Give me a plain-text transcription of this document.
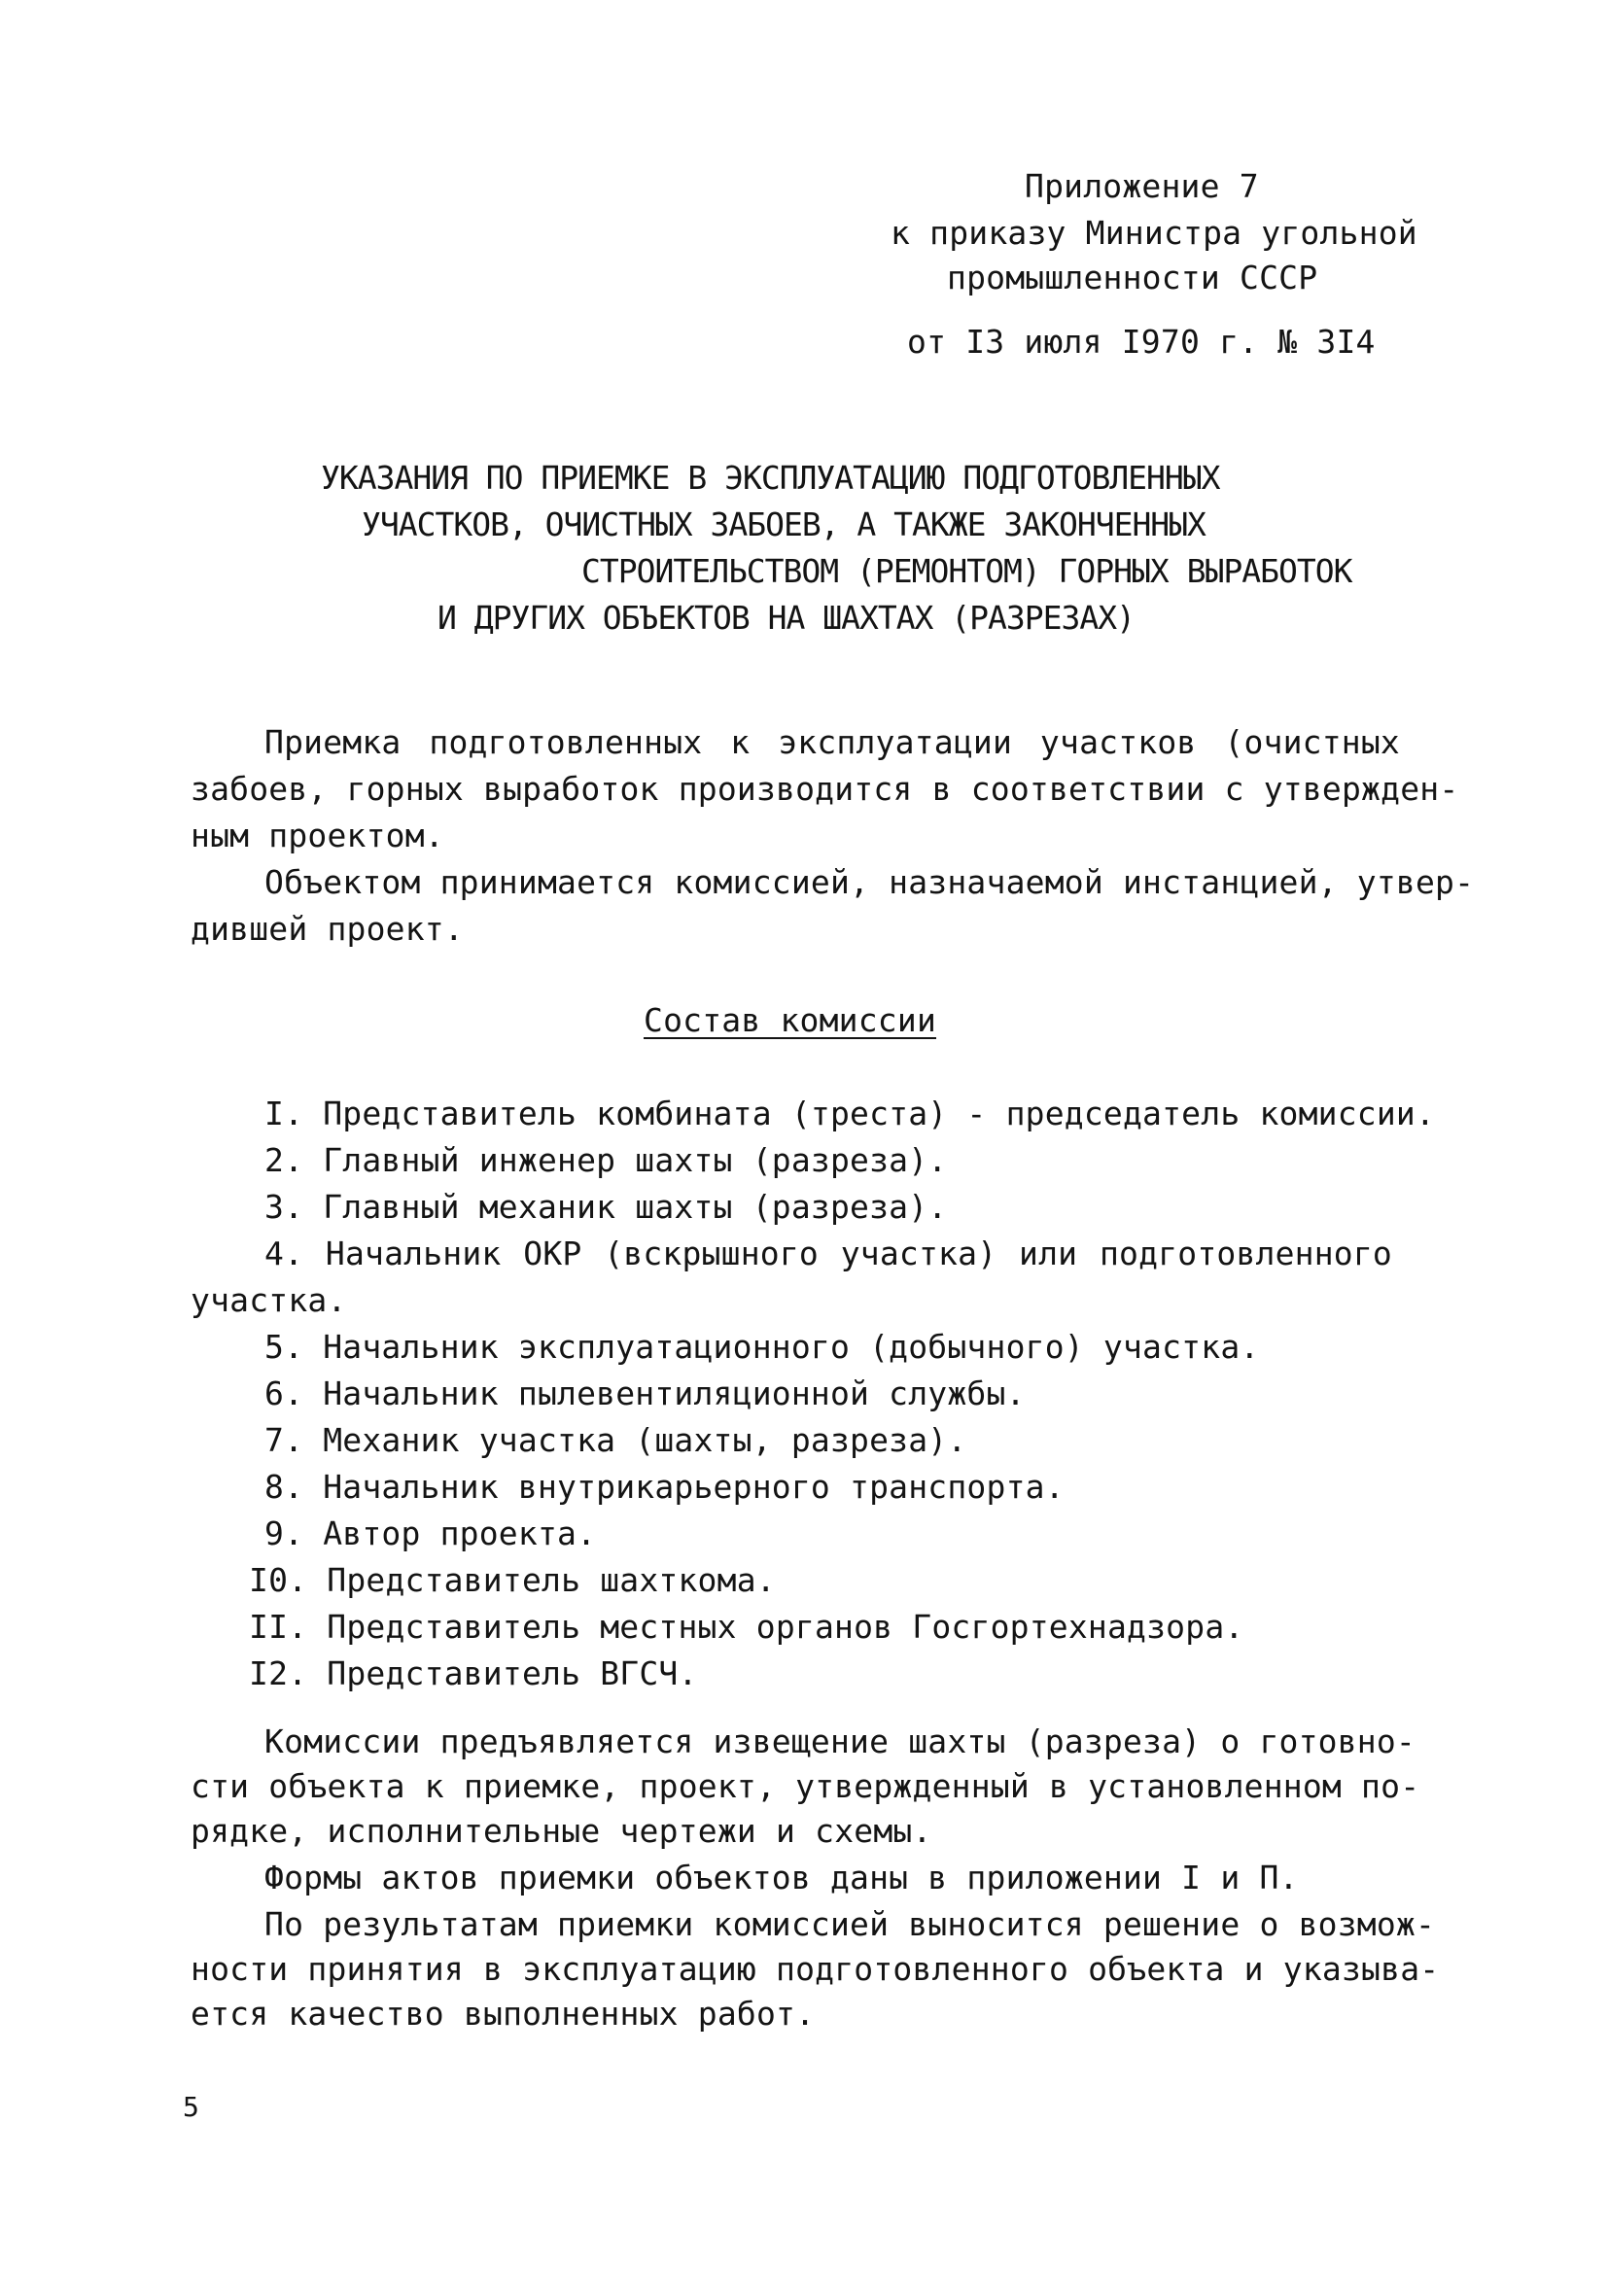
Приложение 7
к приказу Министра угольной
промышленности СССР
от I3 июля I970 г. № 3I4
УКАЗАНИЯ ПО ПРИЕМКЕ В ЭКСПЛУАТАЦИЮ ПОДГОТОВЛЕННЫХ
УЧАСТКОВ, ОЧИСТНЫХ ЗАБОЕВ, А ТАКЖЕ ЗАКОНЧЕННЫХ
СТРОИТЕЛЬСТВОМ (РЕМОНТОМ) ГОРНЫХ ВЫРАБОТОК
И ДРУГИХ ОБЪЕКТОВ НА ШАХТАХ (РАЗРЕЗАХ)
Приемка подготовленных к эксплуатации участков (очистных
забоев, горных выработок производится в соответствии с утвержден-
ным проектом.
Объектом принимается комиссией, назначаемой инстанцией, утвер-
дившей проект.
Состав комиссии
I. Представитель комбината (треста) - председатель комиссии.
2. Главный инженер шахты (разреза).
3. Главный механик шахты (разреза).
4. Начальник ОКР (вскрышного участка) или подготовленного
участка.
5. Начальник эксплуатационного (добычного) участка.
6. Начальник пылевентиляционной службы.
7. Механик участка (шахты, разреза).
8. Начальник внутрикарьерного транспорта.
9. Автор проекта.
I0. Представитель шахткома.
II. Представитель местных органов Госгортехнадзора.
I2. Представитель ВГСЧ.
Комиссии предъявляется извещение шахты (разреза) о готовно-
сти объекта к приемке, проект, утвержденный в установленном по-
рядке, исполнительные чертежи и схемы.
Формы актов приемки объектов даны в приложении I и П.
По результатам приемки комиссией выносится решение о возмож-
ности принятия в эксплуатацию подготовленного объекта и указыва-
ется качество выполненных работ.
5
